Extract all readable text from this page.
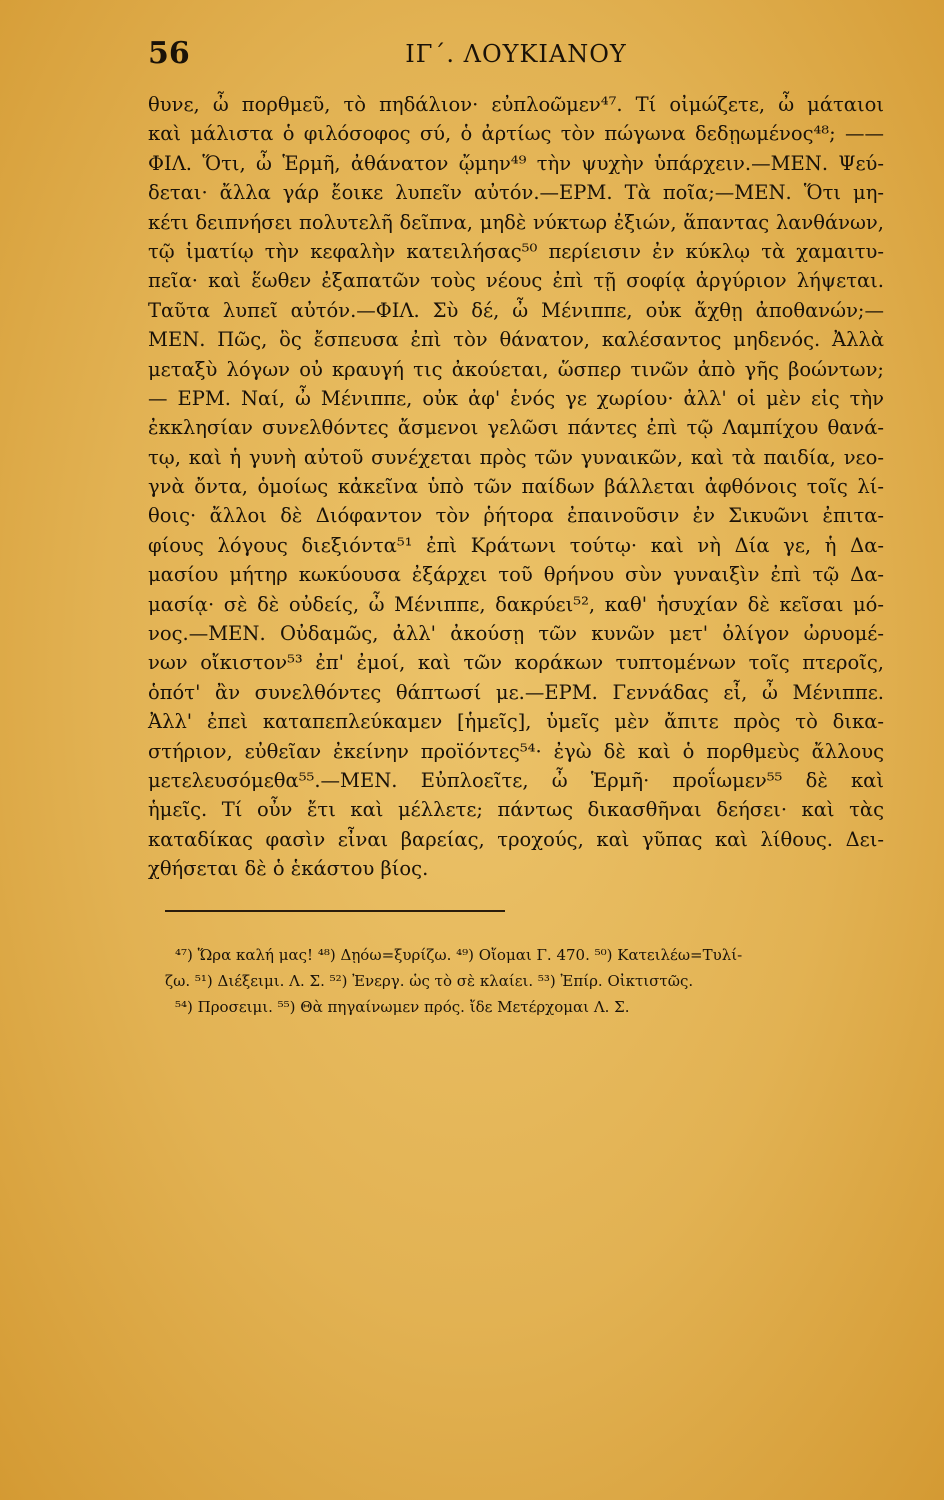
56	ΙΓ΄. ΛΟΥΚΙΑΝΟΥ
θυνε, ὦ πορθμεῦ, τὸ πηδάλιον· εὐπλοῶμεν⁴⁷. Τί οἰμώζετε, ὦ μάταιοι
καὶ μάλιστα ὁ φιλόσοφος σύ, ὁ ἀρτίως τὸν πώγωνα δεδῃωμένος⁴⁸; ——
ΦΙΛ. Ὅτι, ὦ Ἑρμῆ, ἀθάνατον ᾤμην⁴⁹ τὴν ψυχὴν ὑπάρχειν.—ΜΕΝ. Ψεύ-
δεται· ἄλλα γάρ ἔοικε λυπεῖν αὐτόν.—ΕΡΜ. Τὰ ποῖα;—ΜΕΝ. Ὅτι μη-
κέτι δειπνήσει πολυτελῆ δεῖπνα, μηδὲ νύκτωρ ἐξιών, ἅπαντας λανθάνων,
τῷ ἱματίῳ τὴν κεφαλὴν κατειλήσας⁵⁰ περίεισιν ἐν κύκλῳ τὰ χαμαιτυ-
πεῖα· καὶ ἕωθεν ἐξαπατῶν τοὺς νέους ἐπὶ τῇ σοφίᾳ ἀργύριον λήψεται.
Ταῦτα λυπεῖ αὐτόν.—ΦΙΛ. Σὺ δέ, ὦ Μένιππε, οὐκ ἄχθῃ ἀποθανών;—
ΜΕΝ. Πῶς, ὃς ἔσπευσα ἐπὶ τὸν θάνατον, καλέσαντος μηδενός. Ἀλλὰ
μεταξὺ λόγων οὐ κραυγή τις ἀκούεται, ὥσπερ τινῶν ἀπὸ γῆς βοώντων;
— ΕΡΜ. Ναί, ὦ Μένιππε, οὐκ ἀφ' ἑνός γε χωρίου· ἀλλ' οἱ μὲν εἰς τὴν
ἐκκλησίαν συνελθόντες ἄσμενοι γελῶσι πάντες ἐπὶ τῷ Λαμπίχου θανά-
τῳ, καὶ ἡ γυνὴ αὐτοῦ συνέχεται πρὸς τῶν γυναικῶν, καὶ τὰ παιδία, νεο-
γνὰ ὄντα, ὁμοίως κἀκεῖνα ὑπὸ τῶν παίδων βάλλεται ἀφθόνοις τοῖς λί-
θοις· ἄλλοι δὲ Διόφαντον τὸν ῥήτορα ἐπαινοῦσιν ἐν Σικυῶνι ἐπιτα-
φίους λόγους διεξιόντα⁵¹ ἐπὶ Κράτωνι τούτῳ· καὶ νὴ Δία γε, ἡ Δα-
μασίου μήτηρ κωκύουσα ἐξάρχει τοῦ θρήνου σὺν γυναιξὶν ἐπὶ τῷ Δα-
μασίᾳ· σὲ δὲ οὐδείς, ὦ Μένιππε, δακρύει⁵², καθ' ἡσυχίαν δὲ κεῖσαι μό-
νος.—ΜΕΝ. Οὐδαμῶς, ἀλλ' ἀκούσῃ τῶν κυνῶν μετ' ὀλίγον ὠρυομέ-
νων οἴκιστον⁵³ ἐπ' ἐμοί, καὶ τῶν κοράκων τυπτομένων τοῖς πτεροῖς,
ὁπότ' ἂν συνελθόντες θάπτωσί με.—ΕΡΜ. Γεννάδας εἶ, ὦ Μένιππε.
Ἀλλ' ἐπεὶ καταπεπλεύκαμεν [ἡμεῖς], ὑμεῖς μὲν ἄπιτε πρὸς τὸ δικα-
στήριον, εὐθεῖαν ἐκείνην προϊόντες⁵⁴· ἐγὼ δὲ καὶ ὁ πορθμεὺς ἄλλους
μετελευσόμεθα⁵⁵.—ΜΕΝ. Εὐπλοεῖτε, ὦ Ἑρμῆ· προΐωμεν⁵⁵ δὲ καὶ
ἡμεῖς. Τί οὖν ἔτι καὶ μέλλετε; πάντως δικασθῆναι δεήσει· καὶ τὰς
καταδίκας φασὶν εἶναι βαρείας, τροχούς, καὶ γῦπας καὶ λίθους. Δει-
χθήσεται δὲ ὁ ἑκάστου βίος.
⁴⁷) Ὥρα καλή μας! ⁴⁸) Δῃόω=ξυρίζω. ⁴⁹) Οἴομαι Γ. 470. ⁵⁰) Κατειλέω=Τυλί-
ζω. ⁵¹) Διέξειμι. Λ. Σ. ⁵²) Ἐνεργ. ὡς τὸ σὲ κλαίει. ⁵³) Ἐπίρ. Οἰκτιστῶς.
⁵⁴) Προσειμι. ⁵⁵) Θὰ πηγαίνωμεν πρός. ἴδε Μετέρχομαι Λ. Σ.
